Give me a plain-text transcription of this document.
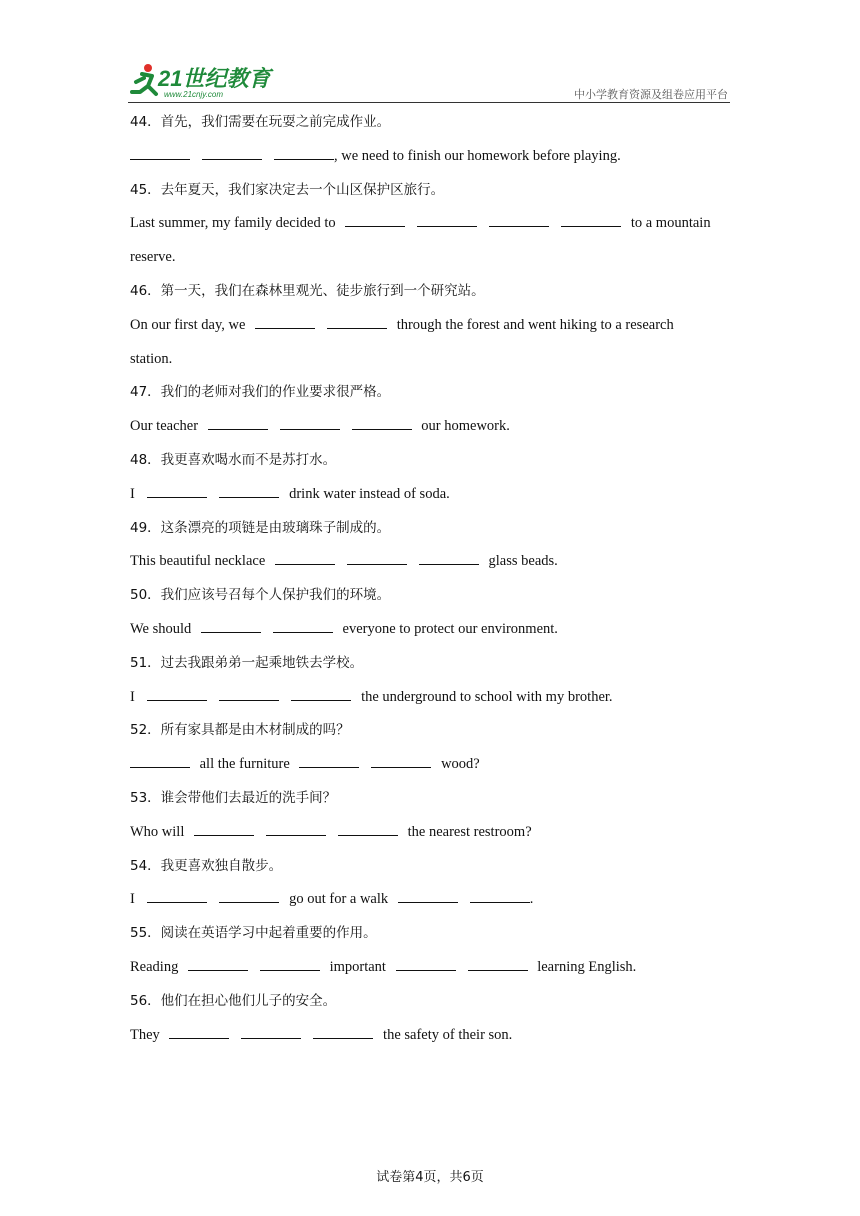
21世纪教育
www.21cnjy.com	中小学教育资源及组卷应用平台
44．首先，我们需要在玩耍之前完成作业。
, we need to finish our homework before playing.
45．去年夏天，我们家决定去一个山区保护区旅行。
Last summer, my family decided to	to a mountain
reserve.
46．第一天，我们在森林里观光、徒步旅行到一个研究站。
On our first day, we	through the forest and went hiking to a research
station.
47．我们的老师对我们的作业要求很严格。
Our teacher	our homework.
48．我更喜欢喝水而不是苏打水。
I	drink water instead of soda.
49．这条漂亮的项链是由玻璃珠子制成的。
This beautiful necklace	glass beads.
50．我们应该号召每个人保护我们的环境。
We should	everyone to protect our environment.
51．过去我跟弟弟一起乘地铁去学校。
I	the underground to school with my brother.
52．所有家具都是由木材制成的吗？
all the furniture	wood?
53．谁会带他们去最近的洗手间？
Who will	the nearest restroom?
54．我更喜欢独自散步。
I	go out for a walk	.
55．阅读在英语学习中起着重要的作用。
Reading	important	learning English.
56．他们在担心他们儿子的安全。
They	the safety of their son.
试卷第4页，共6页
